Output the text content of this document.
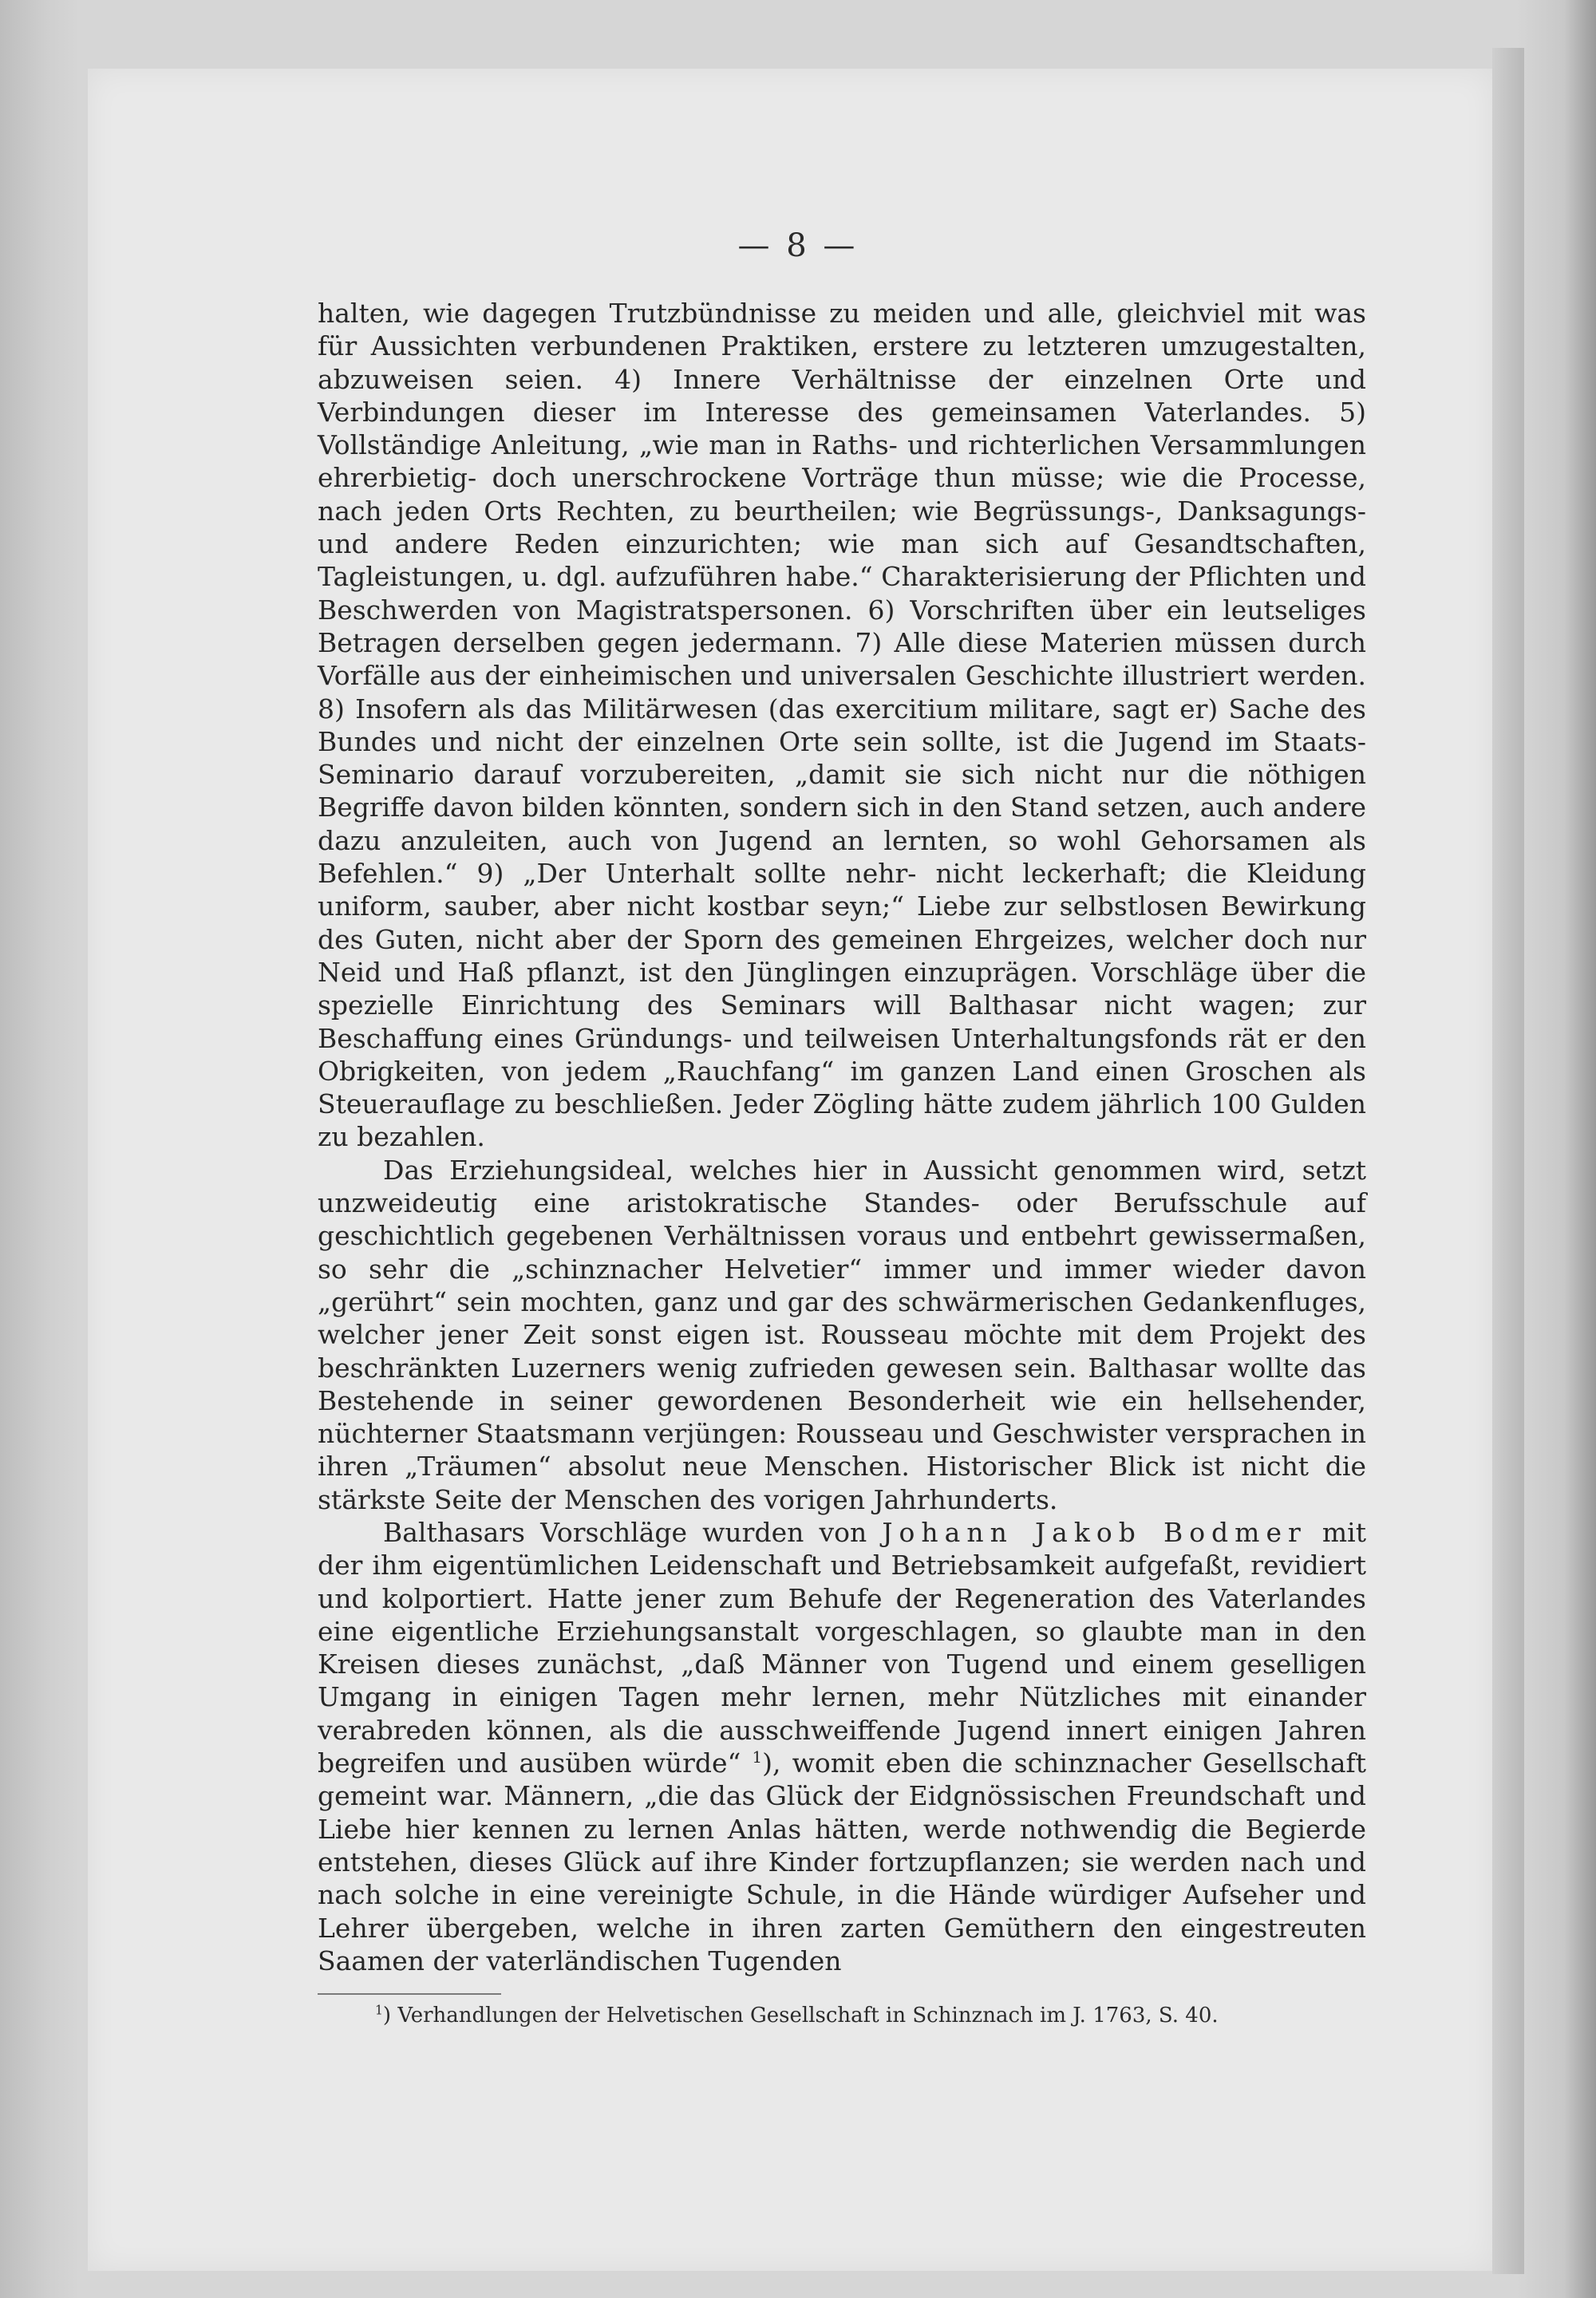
— 8 —

halten, wie dagegen Trutzbündnisse zu meiden und alle, gleichviel mit was für Aussichten verbundenen Praktiken, erstere zu letzteren umzugestalten, abzuweisen seien. 4) Innere Verhältnisse der einzelnen Orte und Verbindungen dieser im Interesse des gemeinsamen Vaterlandes. 5) Vollständige Anleitung, „wie man in Raths- und richterlichen Versammlungen ehrerbietig- doch unerschrockene Vorträge thun müsse; wie die Processe, nach jeden Orts Rechten, zu beurtheilen; wie Begrüssungs-, Danksagungs- und andere Reden einzurichten; wie man sich auf Gesandtschaften, Tagleistungen, u. dgl. aufzuführen habe.“ Charakterisierung der Pflichten und Beschwerden von Magistratspersonen. 6) Vorschriften über ein leutseliges Betragen derselben gegen jedermann. 7) Alle diese Materien müssen durch Vorfälle aus der einheimischen und universalen Geschichte illustriert werden. 8) Insofern als das Militärwesen (das exercitium militare, sagt er) Sache des Bundes und nicht der einzelnen Orte sein sollte, ist die Jugend im Staats-Seminario darauf vorzubereiten, „damit sie sich nicht nur die nöthigen Begriffe davon bilden könnten, sondern sich in den Stand setzen, auch andere dazu anzuleiten, auch von Jugend an lernten, so wohl Gehorsamen als Befehlen.“ 9) „Der Unterhalt sollte nehr- nicht leckerhaft; die Kleidung uniform, sauber, aber nicht kostbar seyn;“ Liebe zur selbstlosen Bewirkung des Guten, nicht aber der Sporn des gemeinen Ehrgeizes, welcher doch nur Neid und Haß pflanzt, ist den Jünglingen einzuprägen. Vorschläge über die spezielle Einrichtung des Seminars will Balthasar nicht wagen; zur Beschaffung eines Gründungs- und teilweisen Unterhaltungsfonds rät er den Obrigkeiten, von jedem „Rauchfang“ im ganzen Land einen Groschen als Steuerauflage zu beschließen. Jeder Zögling hätte zudem jährlich 100 Gulden zu bezahlen.

Das Erziehungsideal, welches hier in Aussicht genommen wird, setzt unzweideutig eine aristokratische Standes- oder Berufsschule auf geschichtlich gegebenen Verhältnissen voraus und entbehrt gewissermaßen, so sehr die „schinznacher Helvetier“ immer und immer wieder davon „gerührt“ sein mochten, ganz und gar des schwärmerischen Gedankenfluges, welcher jener Zeit sonst eigen ist. Rousseau möchte mit dem Projekt des beschränkten Luzerners wenig zufrieden gewesen sein. Balthasar wollte das Bestehende in seiner gewordenen Besonderheit wie ein hellsehender, nüchterner Staatsmann verjüngen: Rousseau und Geschwister versprachen in ihren „Träumen“ absolut neue Menschen. Historischer Blick ist nicht die stärkste Seite der Menschen des vorigen Jahrhunderts.

Balthasars Vorschläge wurden von Johann Jakob Bodmer mit der ihm eigentümlichen Leidenschaft und Betriebsamkeit aufgefaßt, revidiert und kolportiert. Hatte jener zum Behufe der Regeneration des Vaterlandes eine eigentliche Erziehungsanstalt vorgeschlagen, so glaubte man in den Kreisen dieses zunächst, „daß Männer von Tugend und einem geselligen Umgang in einigen Tagen mehr lernen, mehr Nützliches mit einander verabreden können, als die ausschweiffende Jugend innert einigen Jahren begreifen und ausüben würde“ $^1$), womit eben die schinznacher Gesellschaft gemeint war. Männern, „die das Glück der Eidgnössischen Freundschaft und Liebe hier kennen zu lernen Anlas hätten, werde nothwendig die Begierde entstehen, dieses Glück auf ihre Kinder fortzupflanzen; sie werden nach und nach solche in eine vereinigte Schule, in die Hände würdiger Aufseher und Lehrer übergeben, welche in ihren zarten Gemüthern den eingestreuten Saamen der vaterländischen Tugenden

$^1$) Verhandlungen der Helvetischen Gesellschaft in Schinznach im J. 1763, S. 40.
